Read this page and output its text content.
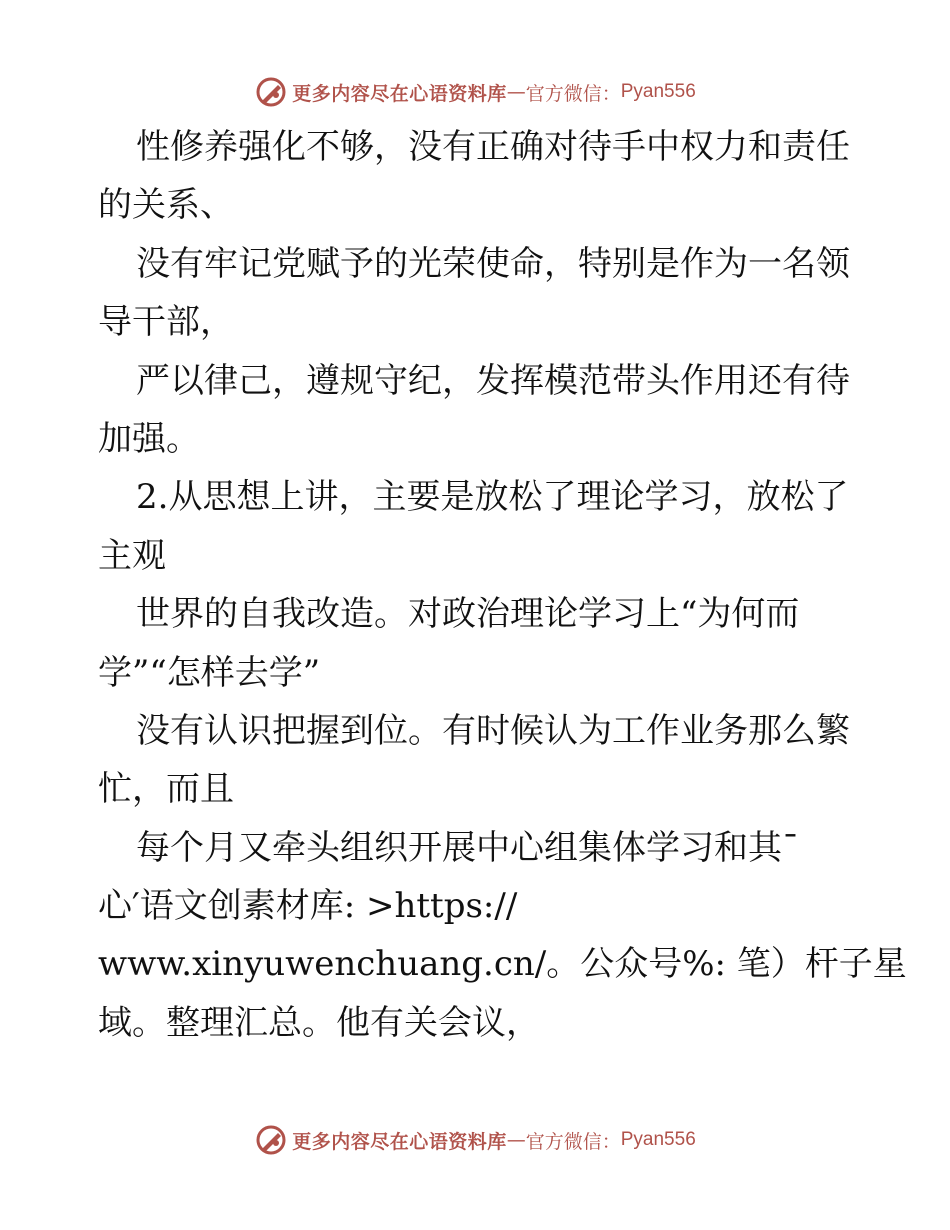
更多内容尽在心语资料库 — 官方微信： Pyan556
性修养强化不够，没有正确对待手中权力和责任
的关系、
没有牢记党赋予的光荣使命，特别是作为一名领
导干部，
严以律己，遵规守纪，发挥模范带头作用还有待
加强。
2.从思想上讲，主要是放松了理论学习，放松了
主观
世界的自我改造。对政治理论学习上“为何而
学”“怎样去学”
没有认识把握到位。有时候认为工作业务那么繁
忙，而且
每个月又牵头组织开展中心组集体学习和其¯
心′语文创素材库: >https://
www.xinyuwenchuang.cn/。公众号%: 笔）杆子星
域。整理汇总。他有关会议，
更多内容尽在心语资料库 — 官方微信： Pyan556
